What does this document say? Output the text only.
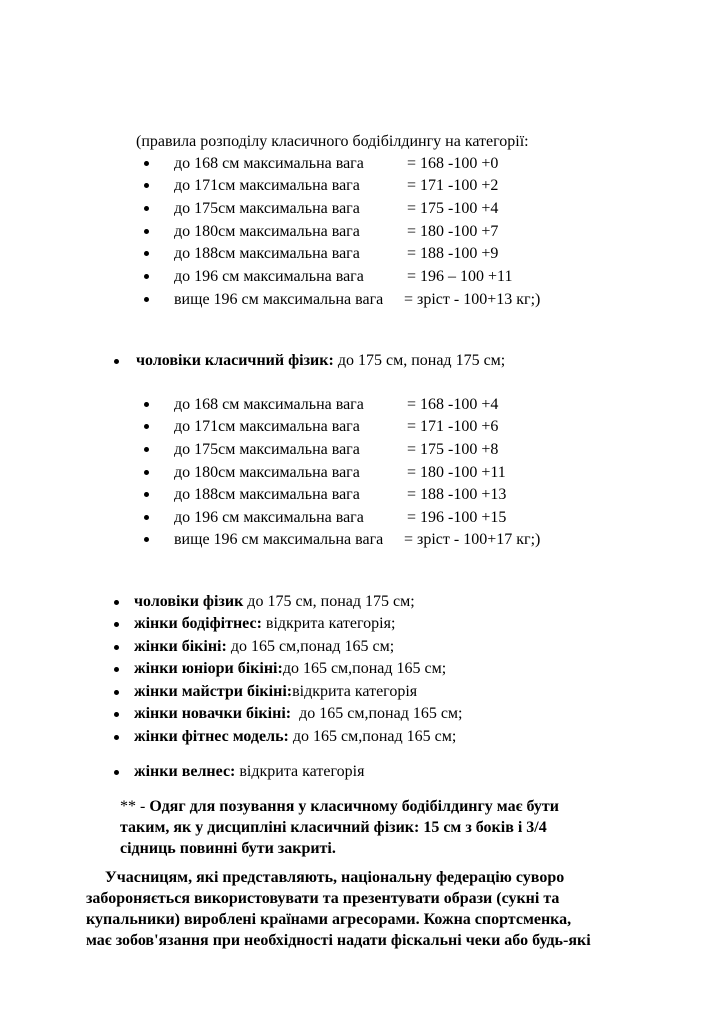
(правила розподілу класичного бодібілдингу на категорії:
до 168 см максимальна вага	= 168 -100 +0
до 171см максимальна вага	= 171 -100 +2
до 175см максимальна вага	= 175 -100 +4
до 180см максимальна вага	= 180 -100 +7
до 188см максимальна вага	= 188 -100 +9
до 196 см максимальна вага	= 196 – 100 +11
вище 196 см максимальна вага = зріст - 100+13 кг;)
чоловіки класичний фізик: до 175 см, понад 175 см;
до 168 см максимальна вага	= 168 -100 +4
до 171см максимальна вага	= 171 -100 +6
до 175см максимальна вага	= 175 -100 +8
до 180см максимальна вага	= 180 -100 +11
до 188см максимальна вага	= 188 -100 +13
до 196 см максимальна вага	= 196 -100 +15
вище 196 см максимальна вага = зріст - 100+17 кг;)
чоловіки фізик до 175 см, понад 175 см;
жінки бодіфітнес: відкрита категорія;
жінки бікіні: до 165 см,понад 165 см;
жінки юніори бікіні:до 165 см,понад 165 см;
жінки майстри бікіні:відкрита категорія
жінки новачки бікіні:  до 165 см,понад 165 см;
жінки фітнес модель: до 165 см,понад 165 см;
жінки велнес: відкрита категорія
** - Одяг для позування у класичному бодібілдингу має бути
таким, як у дисципліні класичний фізик: 15 см з боків і 3/4
сідниць повинні бути закриті.
Учасницям, які представляють, національну федерацію суворо
забороняється використовувати та презентувати образи (сукні та
купальники) вироблені країнами агресорами. Кожна спортсменка,
має зобов'язання при необхідності надати фіскальні чеки або будь-які
